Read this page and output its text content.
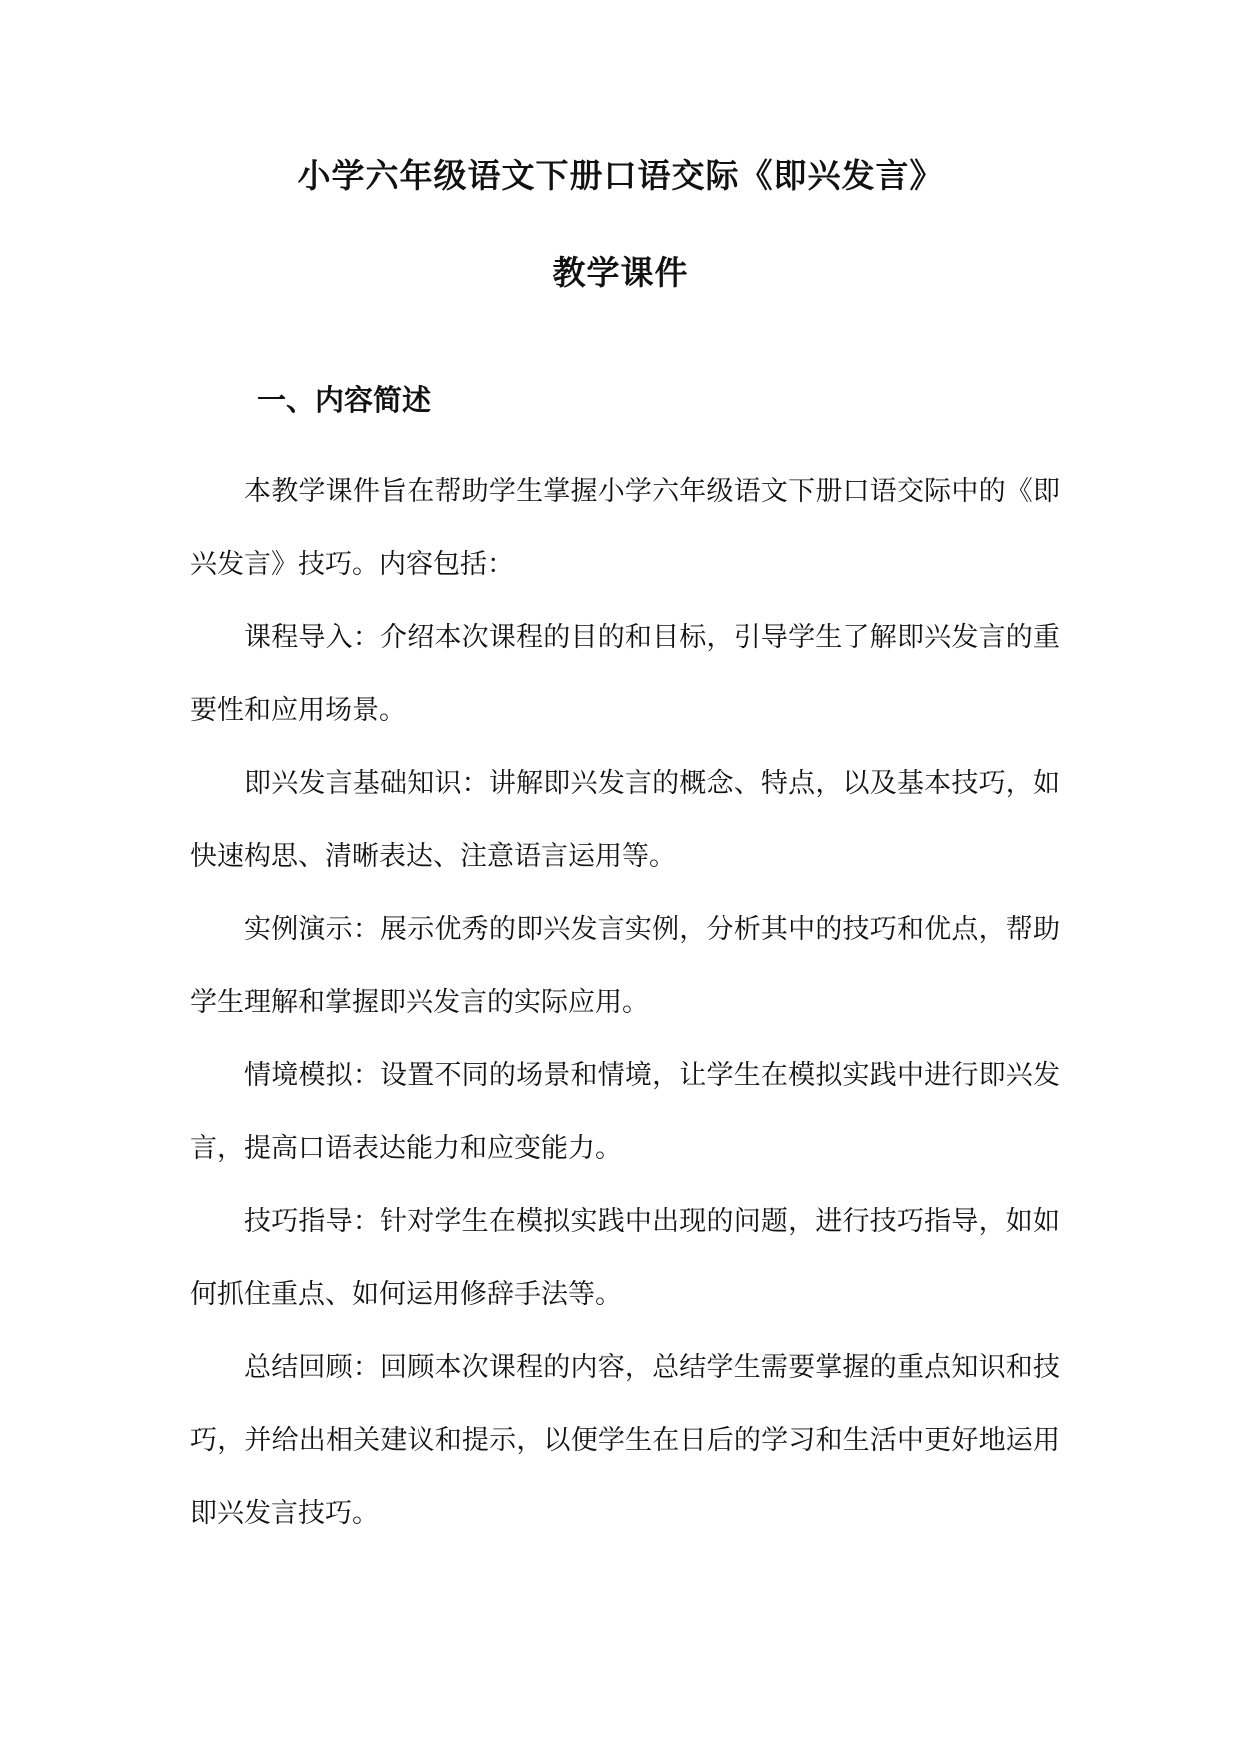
小学六年级语文下册口语交际《即兴发言》
教学课件
一、内容简述

本教学课件旨在帮助学生掌握小学六年级语文下册口语交际中的《即兴发言》技巧。内容包括：

课程导入：介绍本次课程的目的和目标，引导学生了解即兴发言的重要性和应用场景。

即兴发言基础知识：讲解即兴发言的概念、特点，以及基本技巧，如快速构思、清晰表达、注意语言运用等。

实例演示：展示优秀的即兴发言实例，分析其中的技巧和优点，帮助学生理解和掌握即兴发言的实际应用。

情境模拟：设置不同的场景和情境，让学生在模拟实践中进行即兴发言，提高口语表达能力和应变能力。

技巧指导：针对学生在模拟实践中出现的问题，进行技巧指导，如如何抓住重点、如何运用修辞手法等。

总结回顾：回顾本次课程的内容，总结学生需要掌握的重点知识和技巧，并给出相关建议和提示，以便学生在日后的学习和生活中更好地运用即兴发言技巧。
